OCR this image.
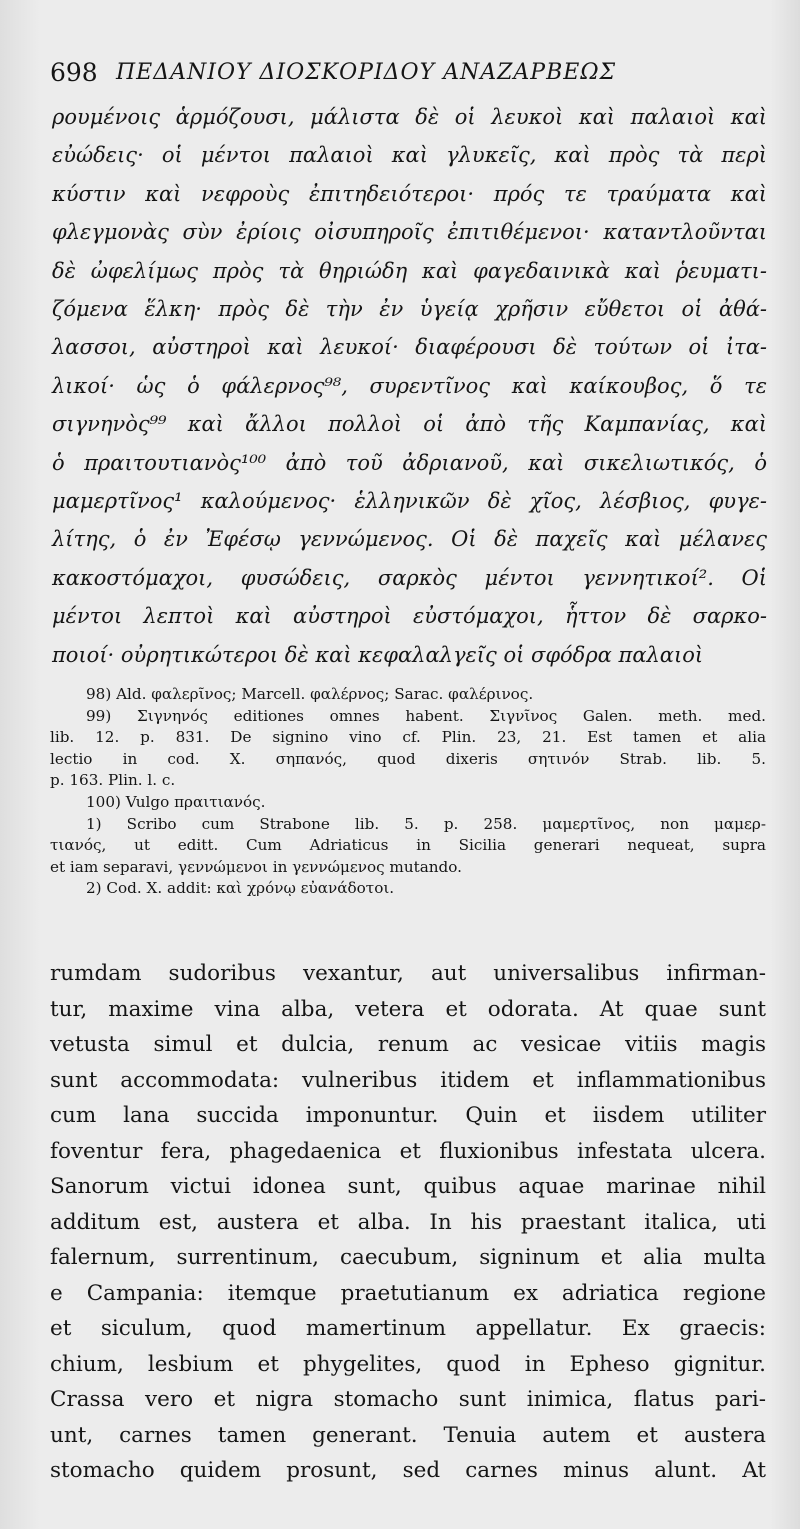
698 ΠΕΔΑΝΙΟΥ ΔΙΟΣΚΟΡΙΔΟΥ ΑΝΑΖΑΡΒΕΩΣ
ρουμένοις ἁρμόζουσι, μάλιστα δὲ οἱ λευκοὶ καὶ παλαιοὶ καὶ
εὐώδεις· οἱ μέντοι παλαιοὶ καὶ γλυκεῖς, καὶ πρὸς τὰ περὶ
κύστιν καὶ νεφροὺς ἐπιτηδειότεροι· πρός τε τραύματα καὶ
φλεγμονὰς σὺν ἐρίοις οἰσυπηροῖς ἐπιτιθέμενοι· καταντλοῦνται
δὲ ὠφελίμως πρὸς τὰ θηριώδη καὶ φαγεδαινικὰ καὶ ῥευματι-
ζόμενα ἕλκη· πρὸς δὲ τὴν ἐν ὑγείᾳ χρῆσιν εὔθετοι οἱ ἀθά-
λασσοι, αὐστηροὶ καὶ λευκοί· διαφέρουσι δὲ τούτων οἱ ἰτα-
λικοί· ὡς ὁ φάλερνος⁹⁸, συρεντῖνος καὶ καίκουβος, ὅ τε
σιγνηνὸς⁹⁹ καὶ ἄλλοι πολλοὶ οἱ ἀπὸ τῆς Καμπανίας, καὶ
ὁ πραιτουτιανὸς¹⁰⁰ ἀπὸ τοῦ ἀδριανοῦ, καὶ σικελιωτικός, ὁ
μαμερτῖνος¹ καλούμενος· ἑλληνικῶν δὲ χῖος, λέσβιος, φυγε-
λίτης, ὁ ἐν Ἐφέσῳ γεννώμενος. Οἱ δὲ παχεῖς καὶ μέλανες
κακοστόμαχοι, φυσώδεις, σαρκὸς μέντοι γεννητικοί². Οἱ
μέντοι λεπτοὶ καὶ αὐστηροὶ εὐστόμαχοι, ἧττον δὲ σαρκο-
ποιοί· οὐρητικώτεροι δὲ καὶ κεφαλαλγεῖς οἱ σφόδρα παλαιοὶ
98) Ald. φαλερῖνος; Marcell. φαλέρνος; Sarac. φαλέρινος.
99) Σιγνηνός editiones omnes habent. Σιγνῖνος Galen. meth. med.
lib. 12. p. 831. De signino vino cf. Plin. 23, 21. Est tamen et alia
lectio in cod. X. σηπανός, quod dixeris σητινόν Strab. lib. 5.
p. 163. Plin. l. c.
100) Vulgo πραιτιανός.
1) Scribo cum Strabone lib. 5. p. 258. μαμερτῖνος, non μαμερ-
τιανός, ut editt. Cum Adriaticus in Sicilia generari nequeat, supra
et iam separavi, γεννώμενοι in γεννώμενος mutando.
2) Cod. X. addit: καὶ χρόνῳ εὐανάδοτοι.
rumdam sudoribus vexantur, aut universalibus infirman-
tur, maxime vina alba, vetera et odorata. At quae sunt
vetusta simul et dulcia, renum ac vesicae vitiis magis
sunt accommodata: vulneribus itidem et inflammationibus
cum lana succida imponuntur. Quin et iisdem utiliter
foventur fera, phagedaenica et fluxionibus infestata ulcera.
Sanorum victui idonea sunt, quibus aquae marinae nihil
additum est, austera et alba. In his praestant italica, uti
falernum, surrentinum, caecubum, signinum et alia multa
e Campania: itemque praetutianum ex adriatica regione
et siculum, quod mamertinum appellatur. Ex graecis:
chium, lesbium et phygelites, quod in Epheso gignitur.
Crassa vero et nigra stomacho sunt inimica, flatus pari-
unt, carnes tamen generant. Tenuia autem et austera
stomacho quidem prosunt, sed carnes minus alunt. At
